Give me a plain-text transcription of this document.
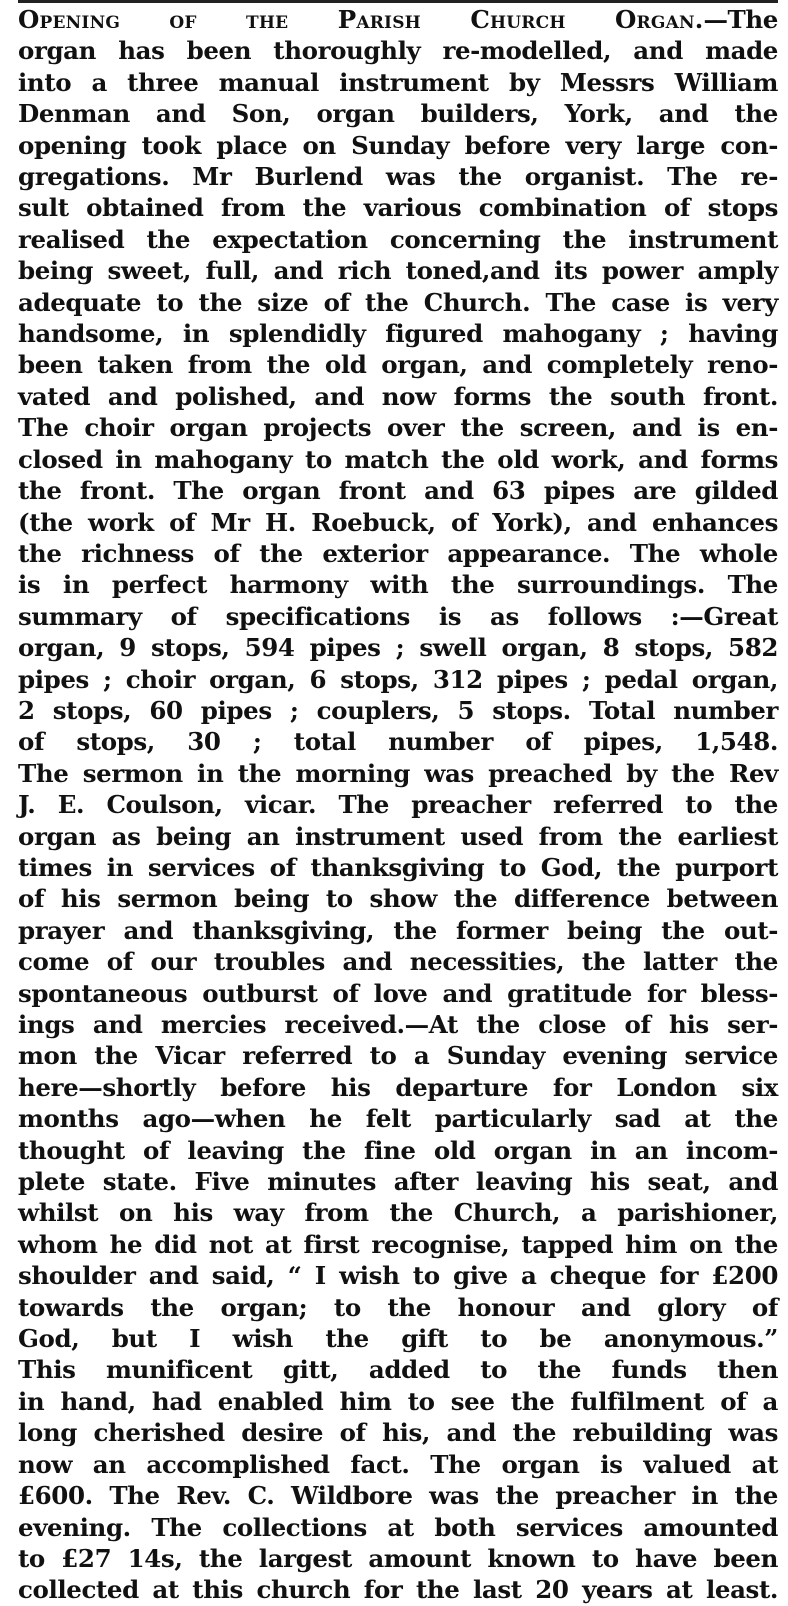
Opening of the Parish Church Organ.—The
organ has been thoroughly re-modelled, and made
into a three manual instrument by Messrs William
Denman and Son, organ builders, York, and the
opening took place on Sunday before very large con-
gregations. Mr Burlend was the organist. The re-
sult obtained from the various combination of stops
realised the expectation concerning the instrument
being sweet, full, and rich toned,and its power amply
adequate to the size of the Church. The case is very
handsome, in splendidly figured mahogany ; having
been taken from the old organ, and completely reno-
vated and polished, and now forms the south front.
The choir organ projects over the screen, and is en-
closed in mahogany to match the old work, and forms
the front. The organ front and 63 pipes are gilded
(the work of Mr H. Roebuck, of York), and enhances
the richness of the exterior appearance. The whole
is in perfect harmony with the surroundings. The
summary of specifications is as follows :—Great
organ, 9 stops, 594 pipes ; swell organ, 8 stops, 582
pipes ; choir organ, 6 stops, 312 pipes ; pedal organ,
2 stops, 60 pipes ; couplers, 5 stops. Total number
of stops, 30 ; total number of pipes, 1,548.
The sermon in the morning was preached by the Rev
J. E. Coulson, vicar. The preacher referred to the
organ as being an instrument used from the earliest
times in services of thanksgiving to God, the purport
of his sermon being to show the difference between
prayer and thanksgiving, the former being the out-
come of our troubles and necessities, the latter the
spontaneous outburst of love and gratitude for bless-
ings and mercies received.—At the close of his ser-
mon the Vicar referred to a Sunday evening service
here—shortly before his departure for London six
months ago—when he felt particularly sad at the
thought of leaving the fine old organ in an incom-
plete state. Five minutes after leaving his seat, and
whilst on his way from the Church, a parishioner,
whom he did not at first recognise, tapped him on the
shoulder and said, “ I wish to give a cheque for £200
towards the organ; to the honour and glory of
God, but I wish the gift to be anonymous.”
This munificent gitt, added to the funds then
in hand, had enabled him to see the fulfilment of a
long cherished desire of his, and the rebuilding was
now an accomplished fact. The organ is valued at
£600. The Rev. C. Wildbore was the preacher in the
evening. The collections at both services amounted
to £27 14s, the largest amount known to have been
collected at this church for the last 20 years at least.
